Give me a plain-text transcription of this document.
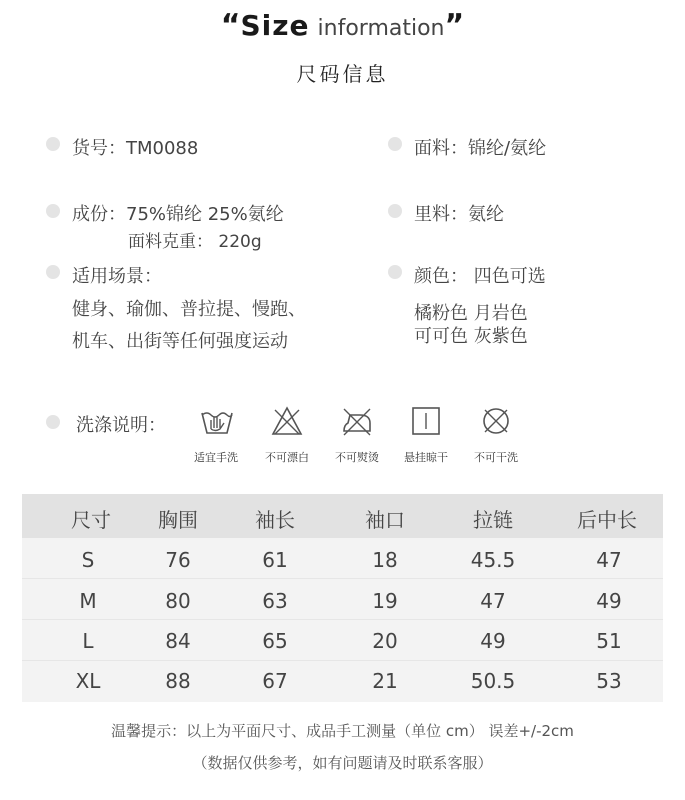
“Size information”
尺码信息
货号：TM0088
成份：75%锦纶 25%氨纶
面料克重： 220g
适用场景：
健身、瑜伽、普拉提、慢跑、
机车、出街等任何强度运动
面料：锦纶/氨纶
里料：氨纶
颜色： 四色可选
橘粉色 月岩色
可可色 灰紫色
洗涤说明：
适宜手洗	不可漂白	不可熨烫	悬挂晾干	不可干洗
尺寸	胸围	袖长	袖口	拉链	后中长
S	76	61	18	45.5	47
M	80	63	19	47	49
L	84	65	20	49	51
XL	88	67	21	50.5	53
温馨提示：以上为平面尺寸、成品手工测量（单位 cm） 误差+/-2cm
（数据仅供参考，如有问题请及时联系客服）
